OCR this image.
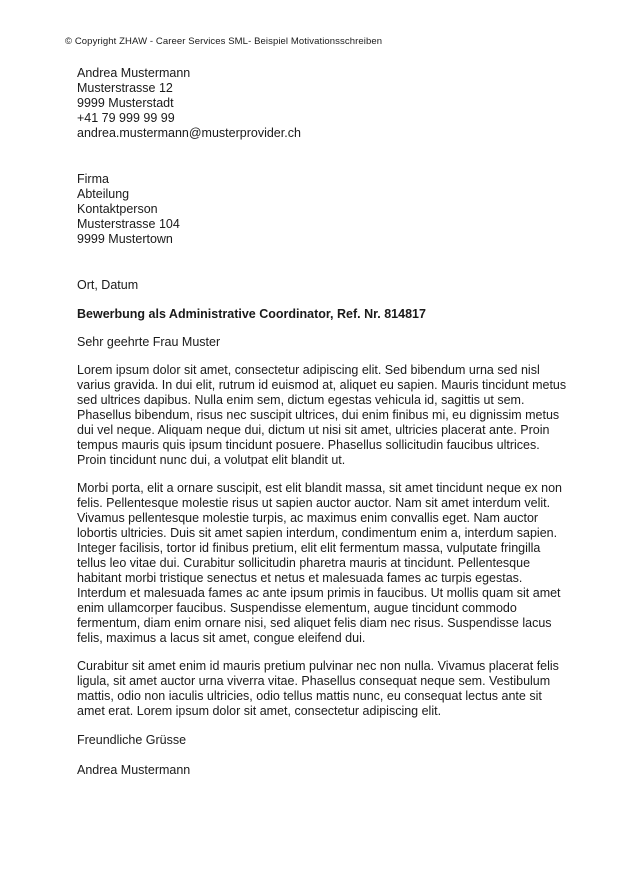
© Copyright ZHAW - Career Services SML- Beispiel Motivationsschreiben
Andrea Mustermann
Musterstrasse 12
9999 Musterstadt
+41 79 999 99 99
andrea.mustermann@musterprovider.ch
Firma
Abteilung
Kontaktperson
Musterstrasse 104
9999 Mustertown
Ort, Datum
Bewerbung als Administrative Coordinator, Ref. Nr. 814817
Sehr geehrte Frau Muster

Lorem ipsum dolor sit amet, consectetur adipiscing elit. Sed bibendum urna sed nisl varius gravida. In dui elit, rutrum id euismod at, aliquet eu sapien. Mauris tincidunt metus sed ultrices dapibus. Nulla enim sem, dictum egestas vehicula id, sagittis ut sem. Phasellus bibendum, risus nec suscipit ultrices, dui enim finibus mi, eu dignissim metus dui vel neque. Aliquam neque dui, dictum ut nisi sit amet, ultricies placerat ante. Proin tempus mauris quis ipsum tincidunt posuere. Phasellus sollicitudin faucibus ultrices. Proin tincidunt nunc dui, a volutpat elit blandit ut.

Morbi porta, elit a ornare suscipit, est elit blandit massa, sit amet tincidunt neque ex non felis. Pellentesque molestie risus ut sapien auctor auctor. Nam sit amet interdum velit. Vivamus pellentesque molestie turpis, ac maximus enim convallis eget. Nam auctor lobortis ultricies. Duis sit amet sapien interdum, condimentum enim a, interdum sapien. Integer facilisis, tortor id finibus pretium, elit elit fermentum massa, vulputate fringilla tellus leo vitae dui. Curabitur sollicitudin pharetra mauris at tincidunt. Pellentesque habitant morbi tristique senectus et netus et malesuada fames ac turpis egestas. Interdum et malesuada fames ac ante ipsum primis in faucibus. Ut mollis quam sit amet enim ullamcorper faucibus. Suspendisse elementum, augue tincidunt commodo fermentum, diam enim ornare nisi, sed aliquet felis diam nec risus. Suspendisse lacus felis, maximus a lacus sit amet, congue eleifend dui.

Curabitur sit amet enim id mauris pretium pulvinar nec non nulla. Vivamus placerat felis ligula, sit amet auctor urna viverra vitae. Phasellus consequat neque sem. Vestibulum mattis, odio non iaculis ultricies, odio tellus mattis nunc, eu consequat lectus ante sit amet erat. Lorem ipsum dolor sit amet, consectetur adipiscing elit.

Freundliche Grüsse
Andrea Mustermann
